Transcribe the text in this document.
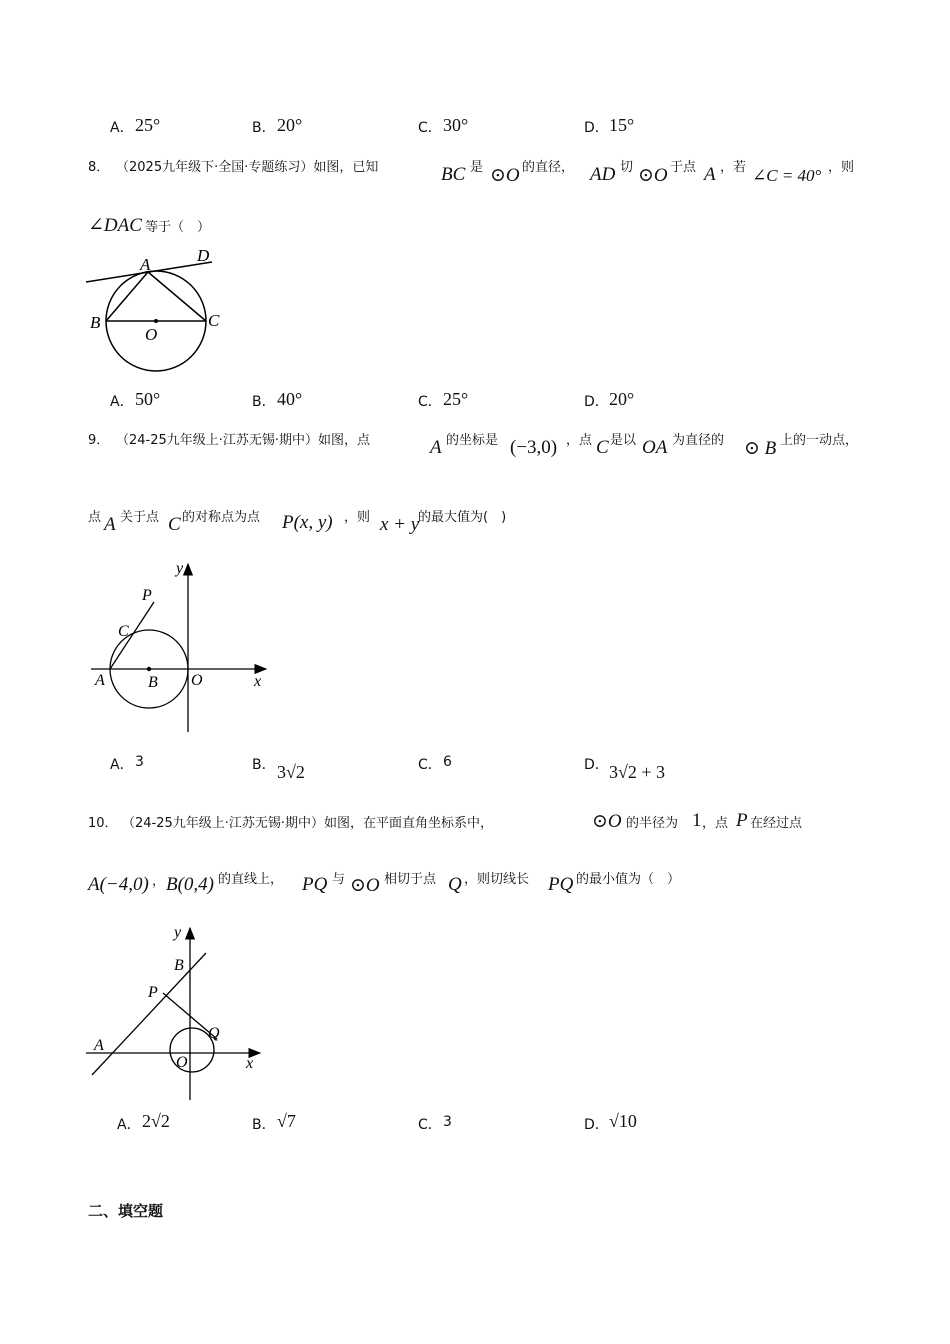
A． 25°	B． 20°	C． 30°	D． 15°
8． （2025九年级下·全国·专题练习）如图，已知	BC 是 ⊙O 的直径， AD 切 ⊙O 于点 A ，若 ∠C = 40° ，则
∠DAC 等于（　）
A	D
B	C
O
A． 50°	B． 40°	C． 25°	D． 20°
9． （24-25九年级上·江苏无锡·期中）如图，点	A 的坐标是 (−3,0) ，点 C 是以 OA 为直径的 ⊙ B 上的一动点，
点 A 关于点 C 的对称点为点 P(x, y) ，则 x + y
的最大值为(　)
y
x
P
C
A	B O
A． 3	B． 3√2	C． 6	D． 3√2 + 3
10． （24-25九年级上·江苏无锡·期中）如图，在平面直角坐标系中，	⊙O 的半径为 1 ，点 P 在经过点
A(−4,0) ， B(0,4) 的直线上， PQ 与 ⊙O 相切于点 Q ，则切线长 PQ 的最小值为（　）
y
x
B
P
Q
A
O
A． 2√2	B． √7	C． 3	D． √10
二、填空题
